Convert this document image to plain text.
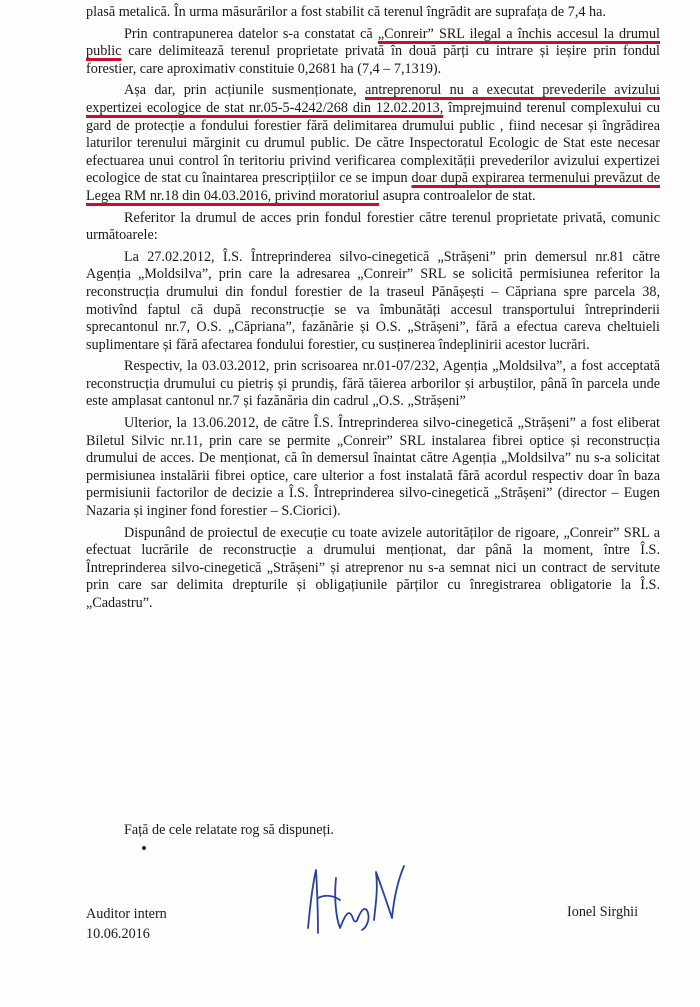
plasă metalică. În urma măsurărilor a fost stabilit că terenul îngrădit are suprafața de 7,4 ha.

Prin contrapunerea datelor s-a constatat că „Conreir” SRL ilegal a închis accesul la drumul public care delimitează terenul proprietate privată în două părți cu intrare și ieșire prin fondul forestier, care aproximativ constituie 0,2681 ha (7,4 – 7,1319).

Așa dar, prin acțiunile susmenționate, antreprenorul nu a executat prevederile avizului expertizei ecologice de stat nr.05-5-4242/268 din 12.02.2013, împrejmuind terenul complexului cu gard de protecție a fondului forestier fără delimitarea drumului public , fiind necesar și îngrădirea laturilor terenului mărginit cu drumul public. De către Inspectoratul Ecologic de Stat este necesar efectuarea unui control în teritoriu privind verificarea complexității prevederilor avizului expertizei ecologice de stat cu înaintarea prescripțiilor ce se impun doar după expirarea termenului prevăzut de Legea RM nr.18 din 04.03.2016, privind moratoriul asupra controalelor de stat.

Referitor la drumul de acces prin fondul forestier către terenul proprietate privată, comunic următoarele:

La 27.02.2012, Î.S. Întreprinderea silvo-cinegetică „Strășeni” prin demersul nr.81 către Agenția „Moldsilva”, prin care la adresarea „Conreir” SRL se solicită permisiunea referitor la reconstrucția drumului din fondul forestier de la traseul Pănășești – Căpriana spre parcela 38, motivînd faptul că după reconstrucție se va îmbunătăți accesul transportului întreprinderii sprecantonul nr.7, O.S. „Căpriana”, fazănărie și O.S. „Strășeni”, fără a efectua careva cheltuieli suplimentare și fără afectarea fondului forestier, cu susținerea îndeplinirii acestor lucrări.

Respectiv, la 03.03.2012, prin scrisoarea nr.01-07/232, Agenția „Moldsilva”, a fost acceptată reconstrucția drumului cu pietriș și prundiș, fără tăierea arborilor și arbuștilor, până în parcela unde este amplasat cantonul nr.7 și fazănăria din cadrul „O.S. „Strășeni”

Ulterior, la 13.06.2012, de către Î.S. Întreprinderea silvo-cinegetică „Strășeni” a fost eliberat Biletul Silvic nr.11, prin care se permite „Conreir” SRL instalarea fibrei optice și reconstrucția drumului de acces. De menționat, că în demersul înaintat către Agenția „Moldsilva” nu s-a solicitat permisiunea instalării fibrei optice, care ulterior a fost instalată fără acordul respectiv doar în baza permisiunii factorilor de decizie a Î.S. Întreprinderea silvo-cinegetică „Strășeni” (director – Eugen Nazaria și inginer fond forestier – S.Ciorici).

Dispunând de proiectul de execuție cu toate avizele autorităților de rigoare, „Conreir” SRL a efectuat lucrările de reconstrucție a drumului menționat, dar până la moment, între Î.S. Întreprinderea silvo-cinegetică „Strășeni” și atreprenor nu s-a semnat nici un contract de servitute prin care sar delimita drepturile și obligațiunile părților cu înregistrarea obligatorie la Î.S. „Cadastru”.

Față de cele relatate rog să dispuneți.
Auditor intern
10.06.2016
Ionel Sirghii
